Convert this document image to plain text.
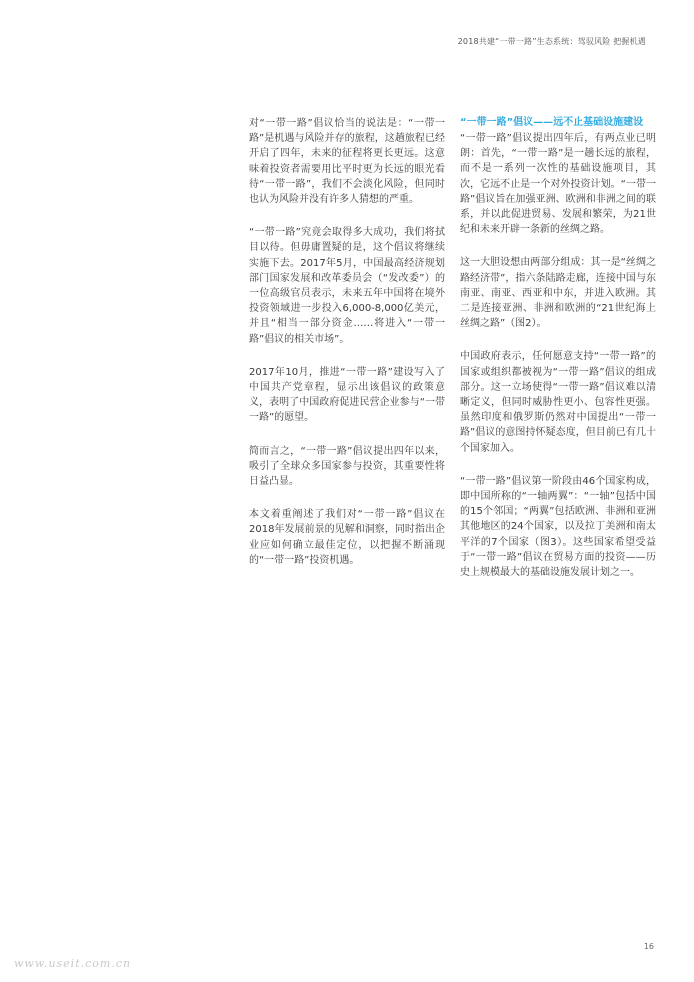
2018共建“一带一路”生态系统：驾驭风险 把握机遇

对“一带一路”倡议恰当的说法是：“一带一路”是机遇与风险并存的旅程，这趟旅程已经开启了四年，未来的征程将更长更远。这意味着投资者需要用比平时更为长远的眼光看待“一带一路”，我们不会淡化风险，但同时也认为风险并没有许多人猜想的严重。

“一带一路”究竟会取得多大成功，我们将拭目以待。但毋庸置疑的是，这个倡议将继续实施下去。2017年5月，中国最高经济规划部门国家发展和改革委员会（“发改委”）的一位高级官员表示，未来五年中国将在境外投资领域进一步投入6,000-8,000亿美元，并且“相当一部分资金……将进入“一带一路”倡议的相关市场”。

2017年10月，推进“一带一路”建设写入了中国共产党章程，显示出该倡议的政策意义，表明了中国政府促进民营企业参与“一带一路”的愿望。

简而言之，“一带一路”倡议提出四年以来，吸引了全球众多国家参与投资，其重要性将日益凸显。

本文着重阐述了我们对“一带一路”倡议在2018年发展前景的见解和洞察，同时指出企业应如何确立最佳定位，以把握不断涌现的“一带一路”投资机遇。

“一带一路”倡议——远不止基础设施建设

“一带一路”倡议提出四年后，有两点业已明朗：首先，“一带一路”是一趟长远的旅程，而不是一系列一次性的基础设施项目，其次，它远不止是一个对外投资计划。“一带一路”倡议旨在加强亚洲、欧洲和非洲之间的联系，并以此促进贸易、发展和繁荣，为21世纪和未来开辟一条新的丝绸之路。

这一大胆设想由两部分组成：其一是“丝绸之路经济带”，指六条陆路走廊，连接中国与东南亚、南亚、西亚和中东，并进入欧洲。其二是连接亚洲、非洲和欧洲的“21世纪海上丝绸之路”（图2）。

中国政府表示，任何愿意支持“一带一路”的国家或组织都被视为“一带一路”倡议的组成部分。这一立场使得“一带一路”倡议难以清晰定义，但同时威胁性更小、包容性更强。虽然印度和俄罗斯仍然对中国提出“一带一路”倡议的意图持怀疑态度，但目前已有几十个国家加入。

“一带一路”倡议第一阶段由46个国家构成，即中国所称的“一轴两翼”：“一轴”包括中国的15个邻国；“两翼”包括欧洲、非洲和亚洲其他地区的24个国家，以及拉丁美洲和南太平洋的7个国家（图3）。这些国家希望受益于“一带一路”倡议在贸易方面的投资——历史上规模最大的基础设施发展计划之一。

16
www.useit.com.cn
